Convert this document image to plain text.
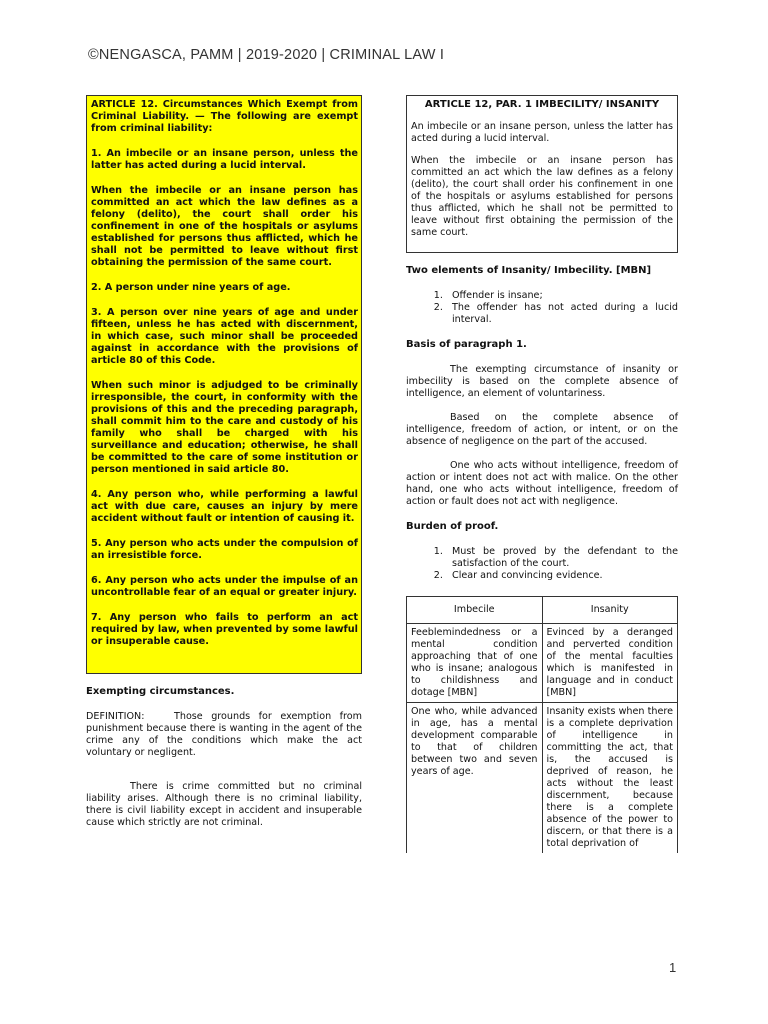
©NENGASCA, PAMM | 2019-2020 | CRIMINAL LAW I

ARTICLE 12. Circumstances Which Exempt from Criminal Liability. — The following are exempt from criminal liability:

1. An imbecile or an insane person, unless the latter has acted during a lucid interval.

When the imbecile or an insane person has committed an act which the law defines as a felony (delito), the court shall order his confinement in one of the hospitals or asylums established for persons thus afflicted, which he shall not be permitted to leave without first obtaining the permission of the same court.

2. A person under nine years of age.

3. A person over nine years of age and under fifteen, unless he has acted with discernment, in which case, such minor shall be proceeded against in accordance with the provisions of article 80 of this Code.

When such minor is adjudged to be criminally irresponsible, the court, in conformity with the provisions of this and the preceding paragraph, shall commit him to the care and custody of his family who shall be charged with his surveillance and education; otherwise, he shall be committed to the care of some institution or person mentioned in said article 80.

4. Any person who, while performing a lawful act with due care, causes an injury by mere accident without fault or intention of causing it.

5. Any person who acts under the compulsion of an irresistible force.

6. Any person who acts under the impulse of an uncontrollable fear of an equal or greater injury.

7. Any person who fails to perform an act required by law, when prevented by some lawful or insuperable cause.

Exempting circumstances.

DEFINITION:	Those grounds for exemption from punishment because there is wanting in the agent of the crime any of the conditions which make the act voluntary or negligent.

There is crime committed but no criminal liability arises. Although there is no criminal liability, there is civil liability except in accident and insuperable cause which strictly are not criminal.

ARTICLE 12, PAR. 1 IMBECILITY/ INSANITY

An imbecile or an insane person, unless the latter has acted during a lucid interval.

When the imbecile or an insane person has committed an act which the law defines as a felony (delito), the court shall order his confinement in one of the hospitals or asylums established for persons thus afflicted, which he shall not be permitted to leave without first obtaining the permission of the same court.

Two elements of Insanity/ Imbecility. [MBN]

1. Offender is insane;
2. The offender has not acted during a lucid interval.

Basis of paragraph 1.

The exempting circumstance of insanity or imbecility is based on the complete absence of intelligence, an element of voluntariness.

Based on the complete absence of intelligence, freedom of action, or intent, or on the absence of negligence on the part of the accused.

One who acts without intelligence, freedom of action or intent does not act with malice. On the other hand, one who acts without intelligence, freedom of action or fault does not act with negligence.

Burden of proof.

1. Must be proved by the defendant to the satisfaction of the court.
2. Clear and convincing evidence.
Imbecile	Insanity
Feeblemindedness or a mental condition approaching that of one who is insane; analogous to childishness and dotage [MBN]	Evinced by a deranged and perverted condition of the mental faculties which is manifested in language and in conduct [MBN]
One who, while advanced in age, has a mental development comparable to that of children between two and seven years of age.	Insanity exists when there is a complete deprivation of intelligence in committing the act, that is, the accused is deprived of reason, he acts without the least discernment, because there is a complete absence of the power to discern, or that there is a total deprivation of
1
